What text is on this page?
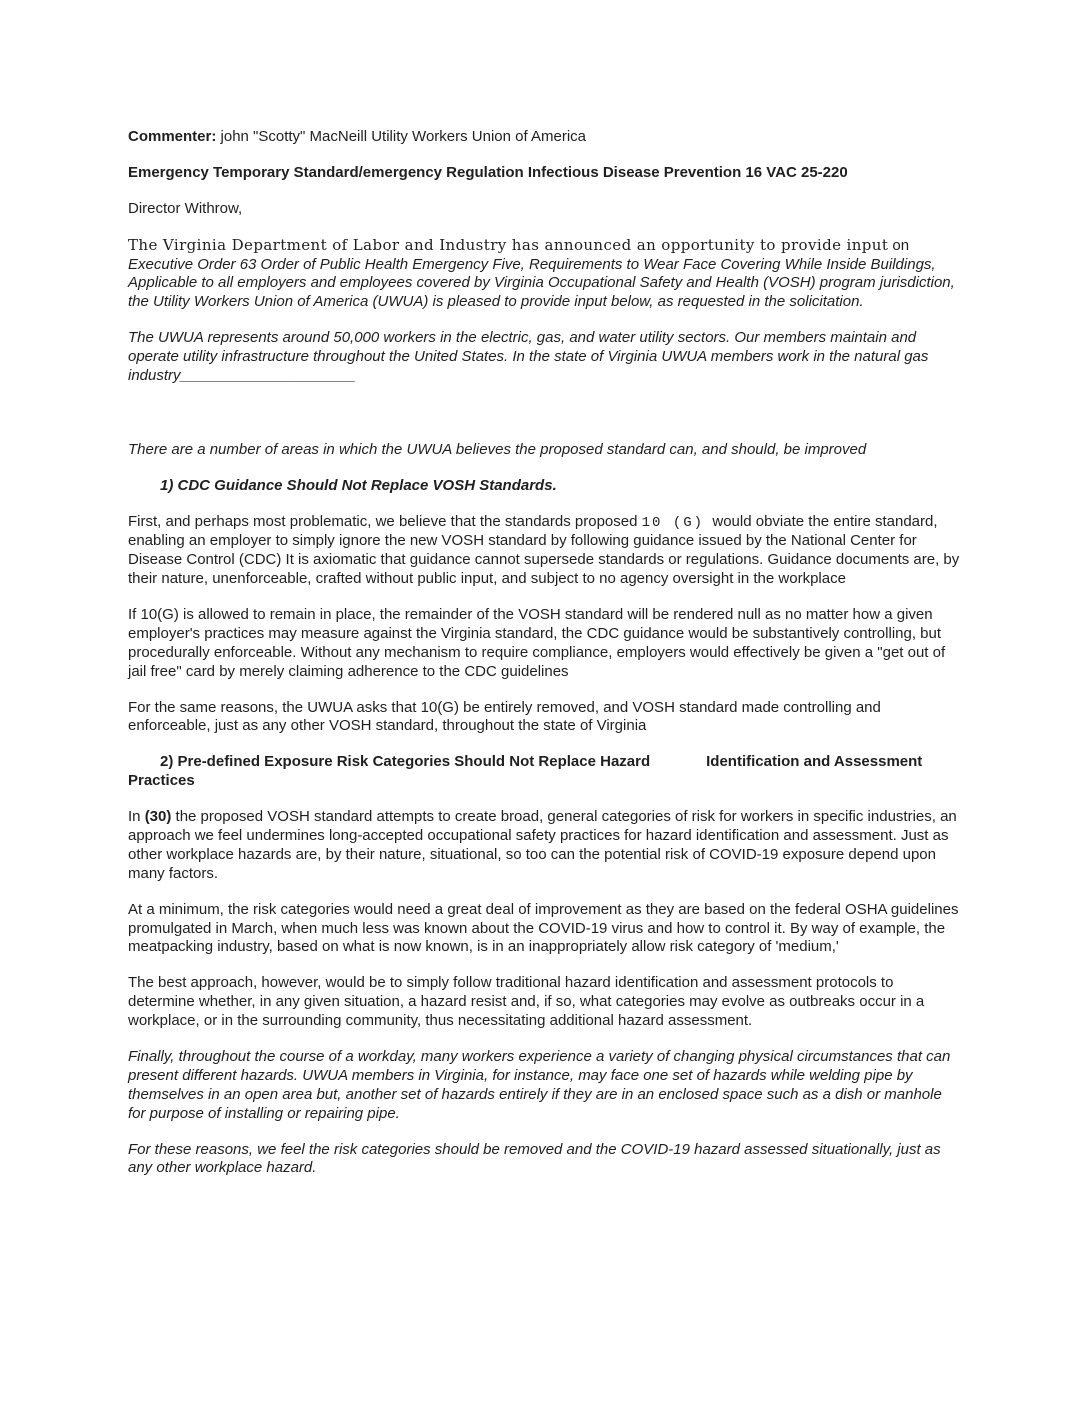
Commenter: john "Scotty" MacNeill Utility Workers Union of America

Emergency Temporary Standard/emergency Regulation Infectious Disease Prevention 16 VAC 25-220

Director Withrow,

The Virginia Department of Labor and Industry has announced an opportunity to provide input on Executive Order 63 Order of Public Health Emergency Five, Requirements to Wear Face Covering While Inside Buildings, Applicable to all employers and employees covered by Virginia Occupational Safety and Health (VOSH) program jurisdiction, the Utility Workers Union of America (UWUA) is pleased to provide input below, as requested in the solicitation.

The UWUA represents around 50,000 workers in the electric, gas, and water utility sectors. Our members maintain and operate utility infrastructure throughout the United States. In the state of Virginia UWUA members work in the natural gas industry_____________________

There are a number of areas in which the UWUA believes the proposed standard can, and should, be improved

1) CDC Guidance Should Not Replace VOSH Standards.

First, and perhaps most problematic, we believe that the standards proposed 10 (G)  would obviate the entire standard, enabling an employer to simply ignore the new VOSH standard by following guidance issued by the National Center for Disease Control (CDC) It is axiomatic that guidance cannot supersede standards or regulations. Guidance documents are, by their nature, unenforceable, crafted without public input, and subject to no agency oversight in the workplace

If 10(G) is allowed to remain in place, the remainder of the VOSH standard will be rendered null as no matter how a given employer's practices may measure against the Virginia standard, the CDC guidance would be substantively controlling, but procedurally enforceable. Without any mechanism to require compliance, employers would effectively be given a "get out of jail free" card by merely claiming adherence to the CDC guidelines

For the same reasons, the UWUA asks that 10(G) be entirely removed, and VOSH standard made controlling and enforceable, just as any other VOSH standard, throughout the state of Virginia

2) Pre-defined Exposure Risk Categories Should Not Replace Hazard	Identification and Assessment Practices

In (30) the proposed VOSH standard attempts to create broad, general categories of risk for workers in specific industries, an approach we feel undermines long-accepted occupational safety practices for hazard identification and assessment. Just as other workplace hazards are, by their nature, situational, so too can the potential risk of COVID-19 exposure depend upon many factors.

At a minimum, the risk categories would need a great deal of improvement as they are based on the federal OSHA guidelines promulgated in March, when much less was known about the COVID-19 virus and how to control it. By way of example, the meatpacking industry, based on what is now known, is in an inappropriately allow risk category of 'medium,'

The best approach, however, would be to simply follow traditional hazard identification and assessment protocols to determine whether, in any given situation, a hazard resist and, if so, what categories may evolve as outbreaks occur in a workplace, or in the surrounding community, thus necessitating additional hazard assessment.

Finally, throughout the course of a workday, many workers experience a variety of changing physical circumstances that can present different hazards. UWUA members in Virginia, for instance, may face one set of hazards while welding pipe by themselves in an open area but, another set of hazards entirely if they are in an enclosed space such as a dish or manhole for purpose of installing or repairing pipe.

For these reasons, we feel the risk categories should be removed and the COVID-19 hazard assessed situationally, just as any other workplace hazard.
